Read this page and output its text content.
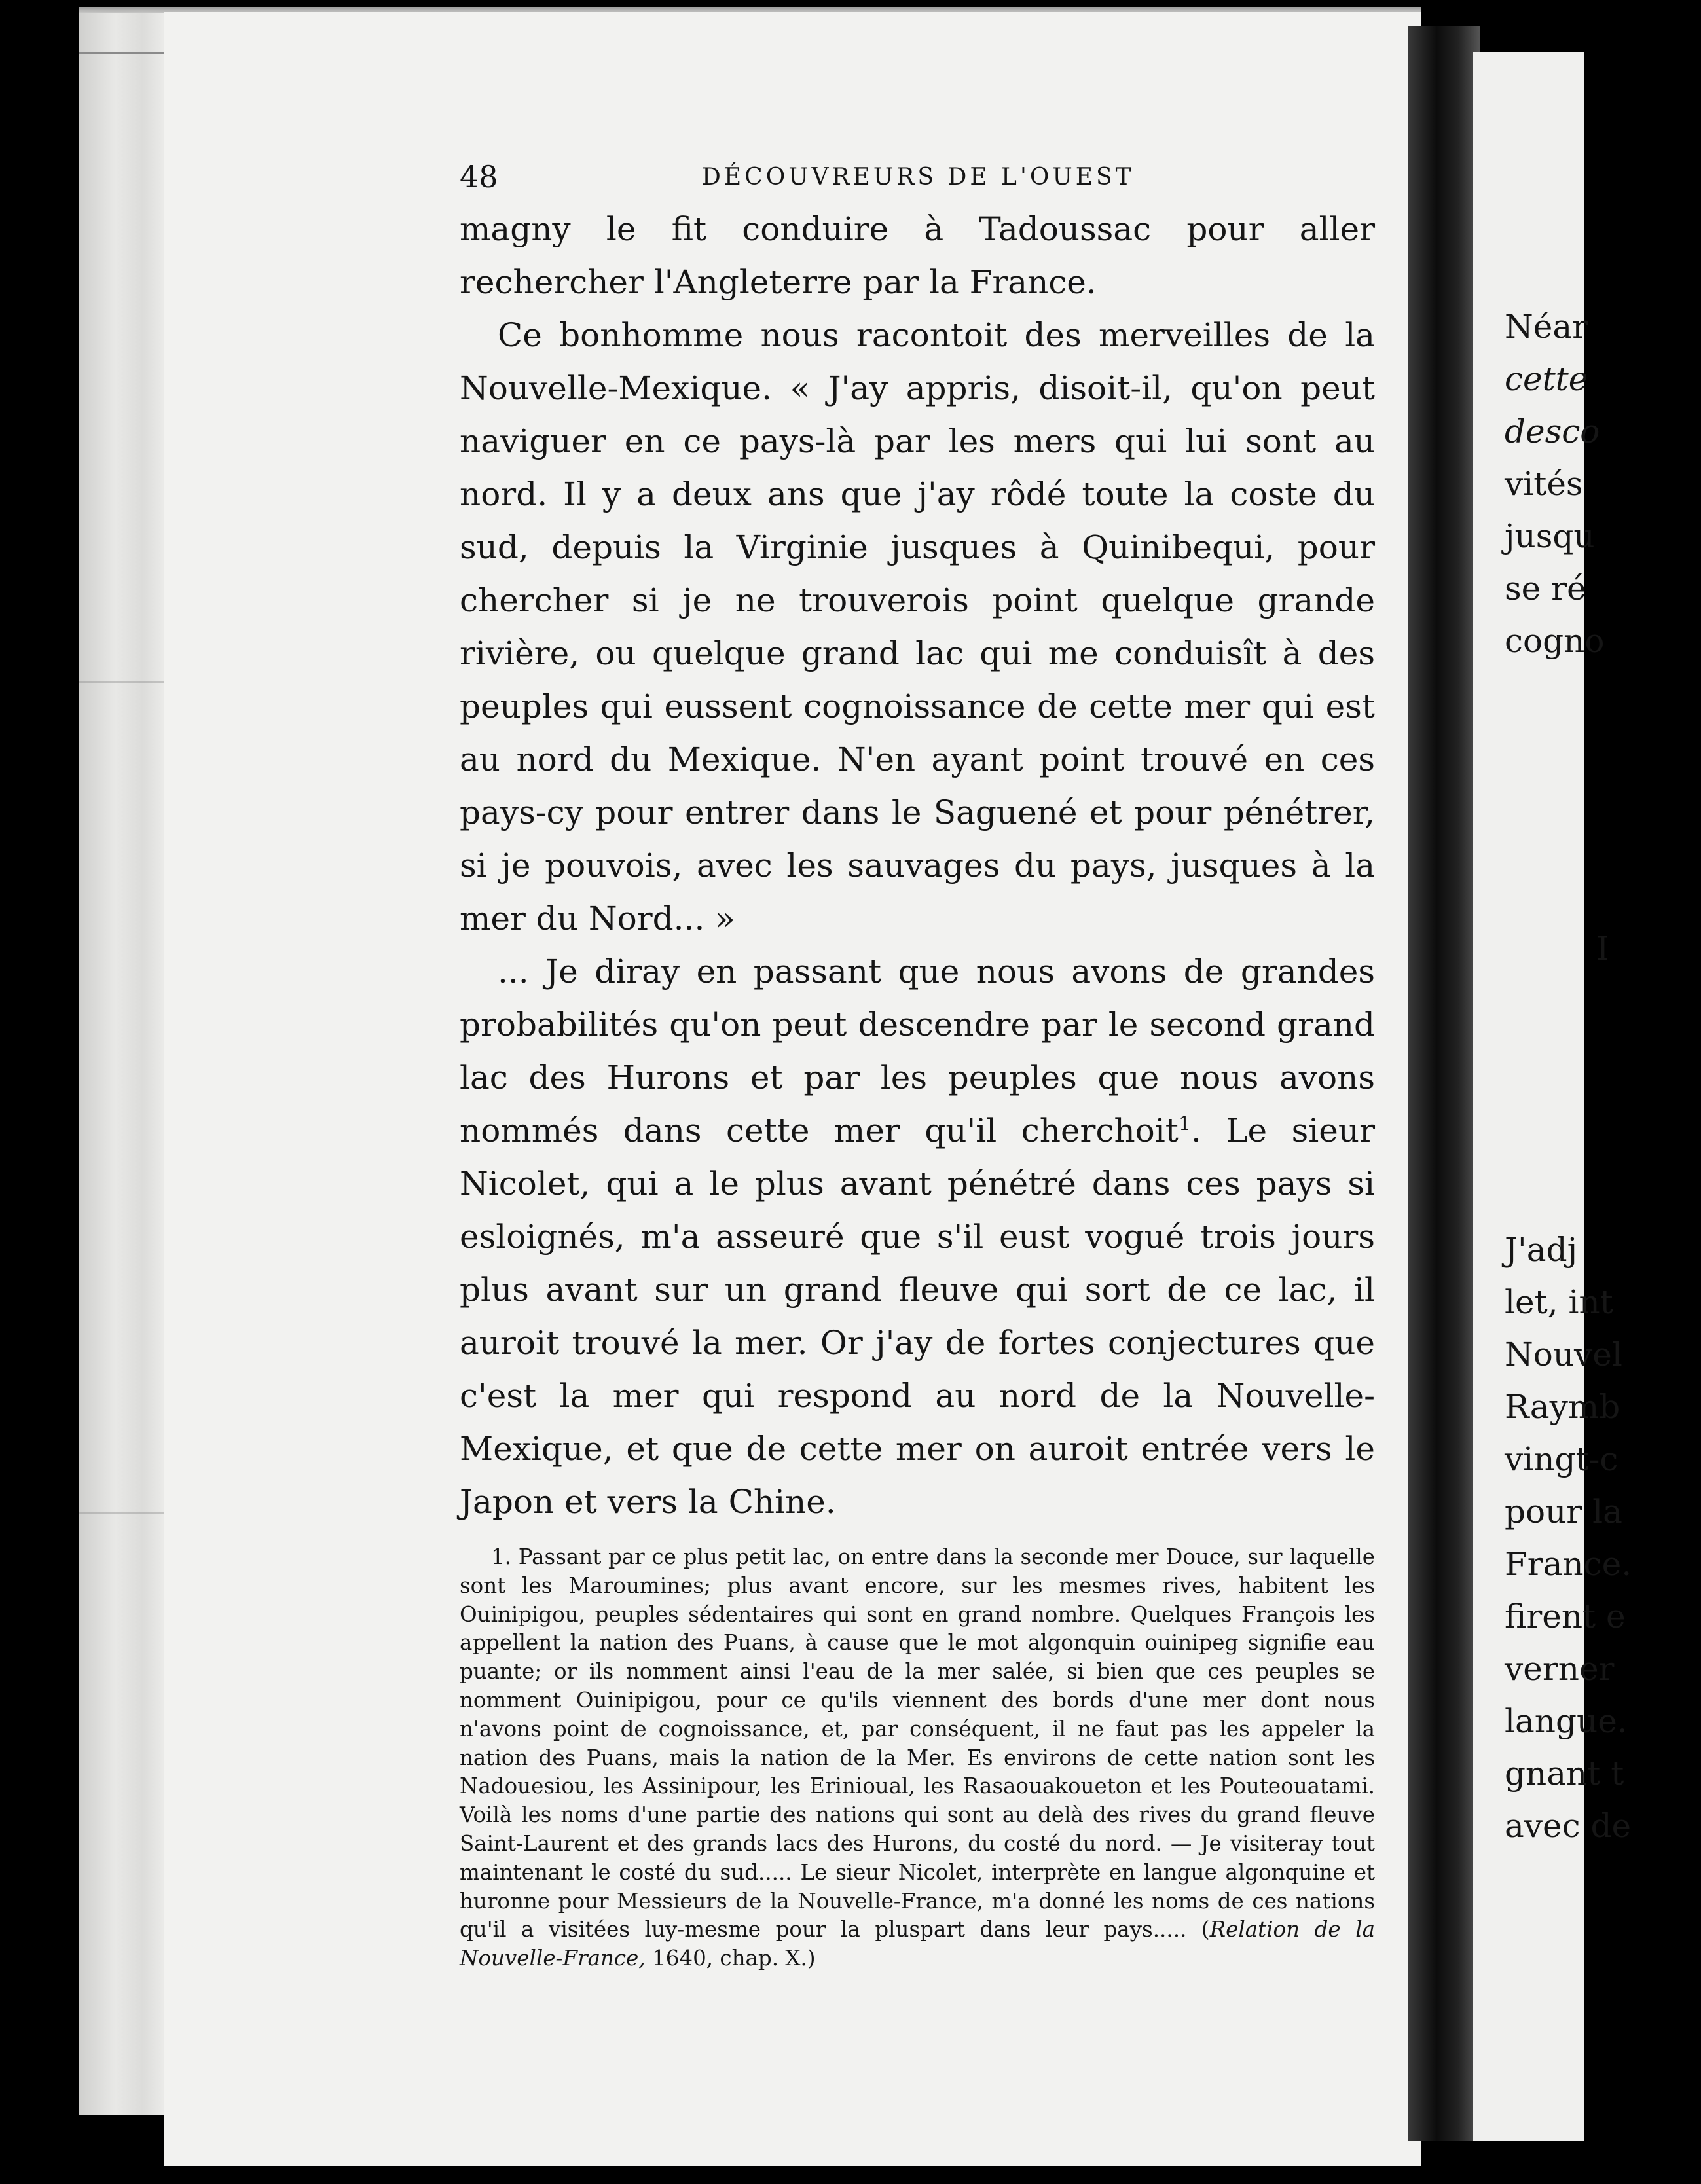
Néar
cette
desco
vités
jusqu
se ré
cogno
I
J'adj
let, int
Nouvel
Raymb
vingt-c
pour la
France.
firent e
verner
langue.
gnant t
avec de
48	DÉCOUVREURS DE L'OUEST

magny le fit conduire à Tadoussac pour aller rechercher l'Angleterre par la France.

Ce bonhomme nous racontoit des merveilles de la Nouvelle-Mexique. « J'ay appris, disoit-il, qu'on peut naviguer en ce pays-là par les mers qui lui sont au nord. Il y a deux ans que j'ay rôdé toute la coste du sud, depuis la Virginie jusques à Quinibequi, pour chercher si je ne trouverois point quelque grande rivière, ou quelque grand lac qui me conduisît à des peuples qui eussent cognoissance de cette mer qui est au nord du Mexique. N'en ayant point trouvé en ces pays-cy pour entrer dans le Saguené et pour pénétrer, si je pouvois, avec les sauvages du pays, jusques à la mer du Nord... »

... Je diray en passant que nous avons de grandes probabilités qu'on peut descendre par le second grand lac des Hurons et par les peuples que nous avons nommés dans cette mer qu'il cherchoit$^1$. Le sieur Nicolet, qui a le plus avant pénétré dans ces pays si esloignés, m'a asseuré que s'il eust vogué trois jours plus avant sur un grand fleuve qui sort de ce lac, il auroit trouvé la mer. Or j'ay de fortes conjectures que c'est la mer qui respond au nord de la Nouvelle-Mexique, et que de cette mer on auroit entrée vers le Japon et vers la Chine.

1. Passant par ce plus petit lac, on entre dans la seconde mer Douce, sur laquelle sont les Maroumines; plus avant encore, sur les mesmes rives, habitent les Ouinipigou, peuples sédentaires qui sont en grand nombre. Quelques François les appellent la nation des Puans, à cause que le mot algonquin ouinipeg signifie eau puante; or ils nomment ainsi l'eau de la mer salée, si bien que ces peuples se nomment Ouinipigou, pour ce qu'ils viennent des bords d'une mer dont nous n'avons point de cognoissance, et, par conséquent, il ne faut pas les appeler la nation des Puans, mais la nation de la Mer. Es environs de cette nation sont les Nadouesiou, les Assinipour, les Erinioual, les Rasaouakoueton et les Pouteouatami. Voilà les noms d'une partie des nations qui sont au delà des rives du grand fleuve Saint-Laurent et des grands lacs des Hurons, du costé du nord. — Je visiteray tout maintenant le costé du sud..... Le sieur Nicolet, interprète en langue algonquine et huronne pour Messieurs de la Nouvelle-France, m'a donné les noms de ces nations qu'il a visitées luy-mesme pour la pluspart dans leur pays..... (Relation de la Nouvelle-France, 1640, chap. X.)
